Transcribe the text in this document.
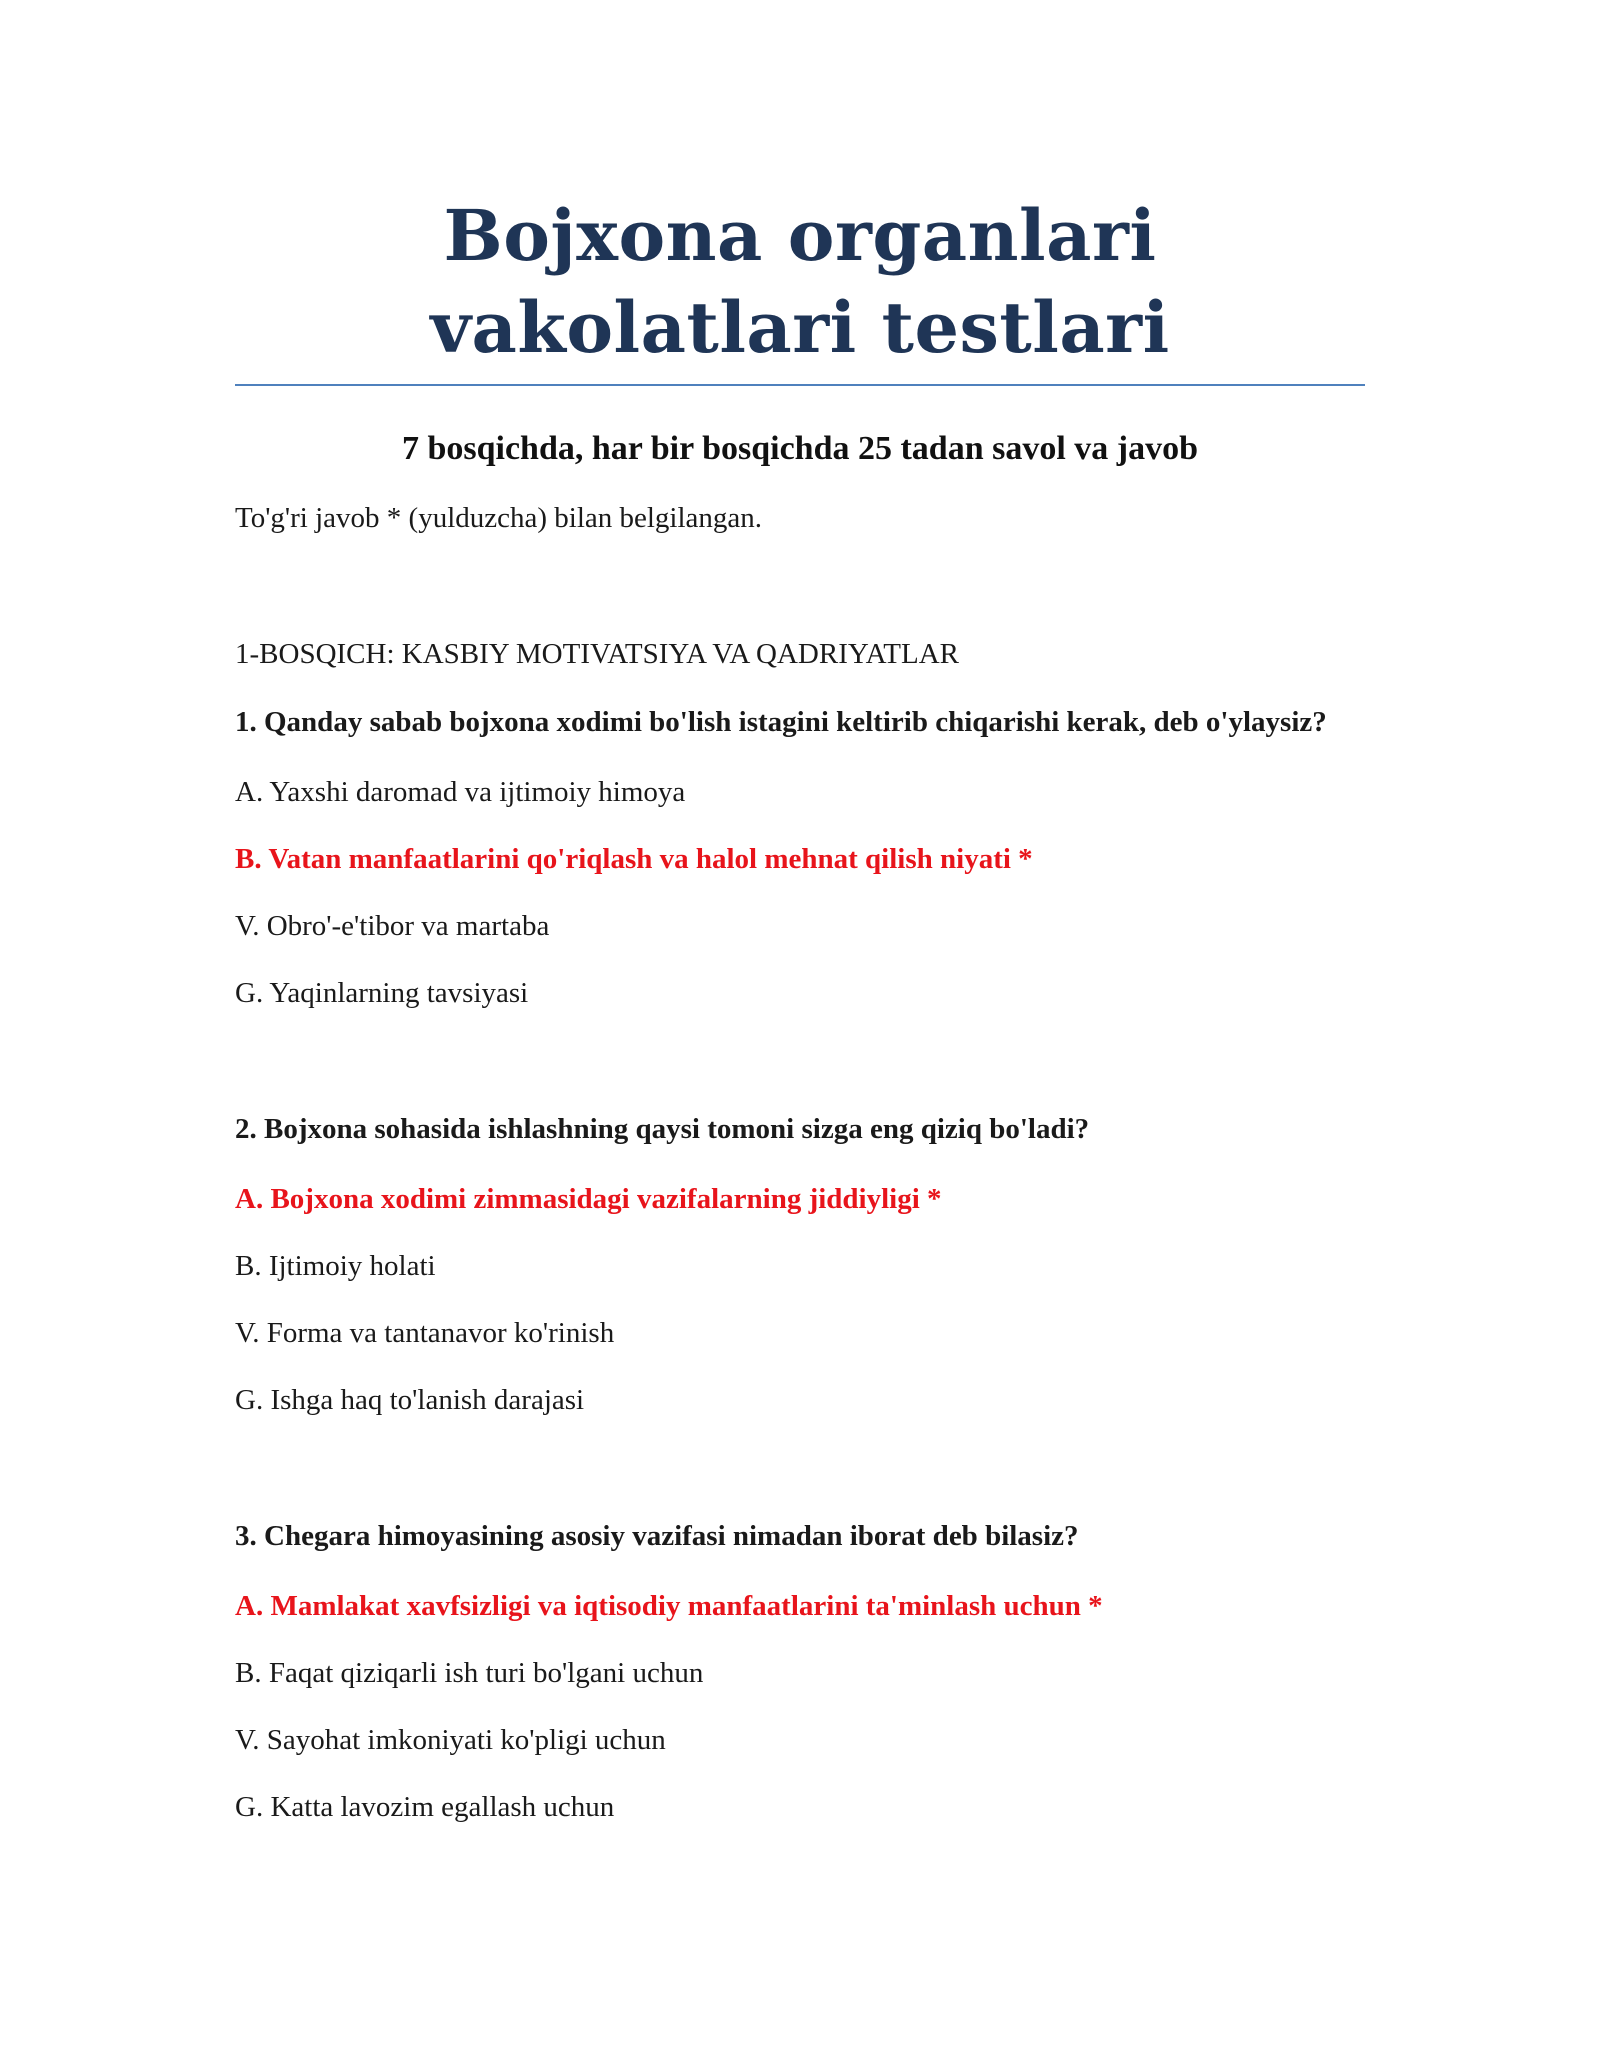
Bojxona organlari vakolatlari testlari
7 bosqichda, har bir bosqichda 25 tadan savol va javob
To'g'ri javob * (yulduzcha) bilan belgilangan.
1-BOSQICH: KASBIY MOTIVATSIYA VA QADRIYATLAR
1. Qanday sabab bojxona xodimi bo'lish istagini keltirib chiqarishi kerak, deb o'ylaysiz?
A. Yaxshi daromad va ijtimoiy himoya
B. Vatan manfaatlarini qo'riqlash va halol mehnat qilish niyati *
V. Obro'-e'tibor va martaba
G. Yaqinlarning tavsiyasi
2. Bojxona sohasida ishlashning qaysi tomoni sizga eng qiziq bo'ladi?
A. Bojxona xodimi zimmasidagi vazifalarning jiddiyligi *
B. Ijtimoiy holati
V. Forma va tantanavor ko'rinish
G. Ishga haq to'lanish darajasi
3. Chegara himoyasining asosiy vazifasi nimadan iborat deb bilasiz?
A. Mamlakat xavfsizligi va iqtisodiy manfaatlarini ta'minlash uchun *
B. Faqat qiziqarli ish turi bo'lgani uchun
V. Sayohat imkoniyati ko'pligi uchun
G. Katta lavozim egallash uchun
